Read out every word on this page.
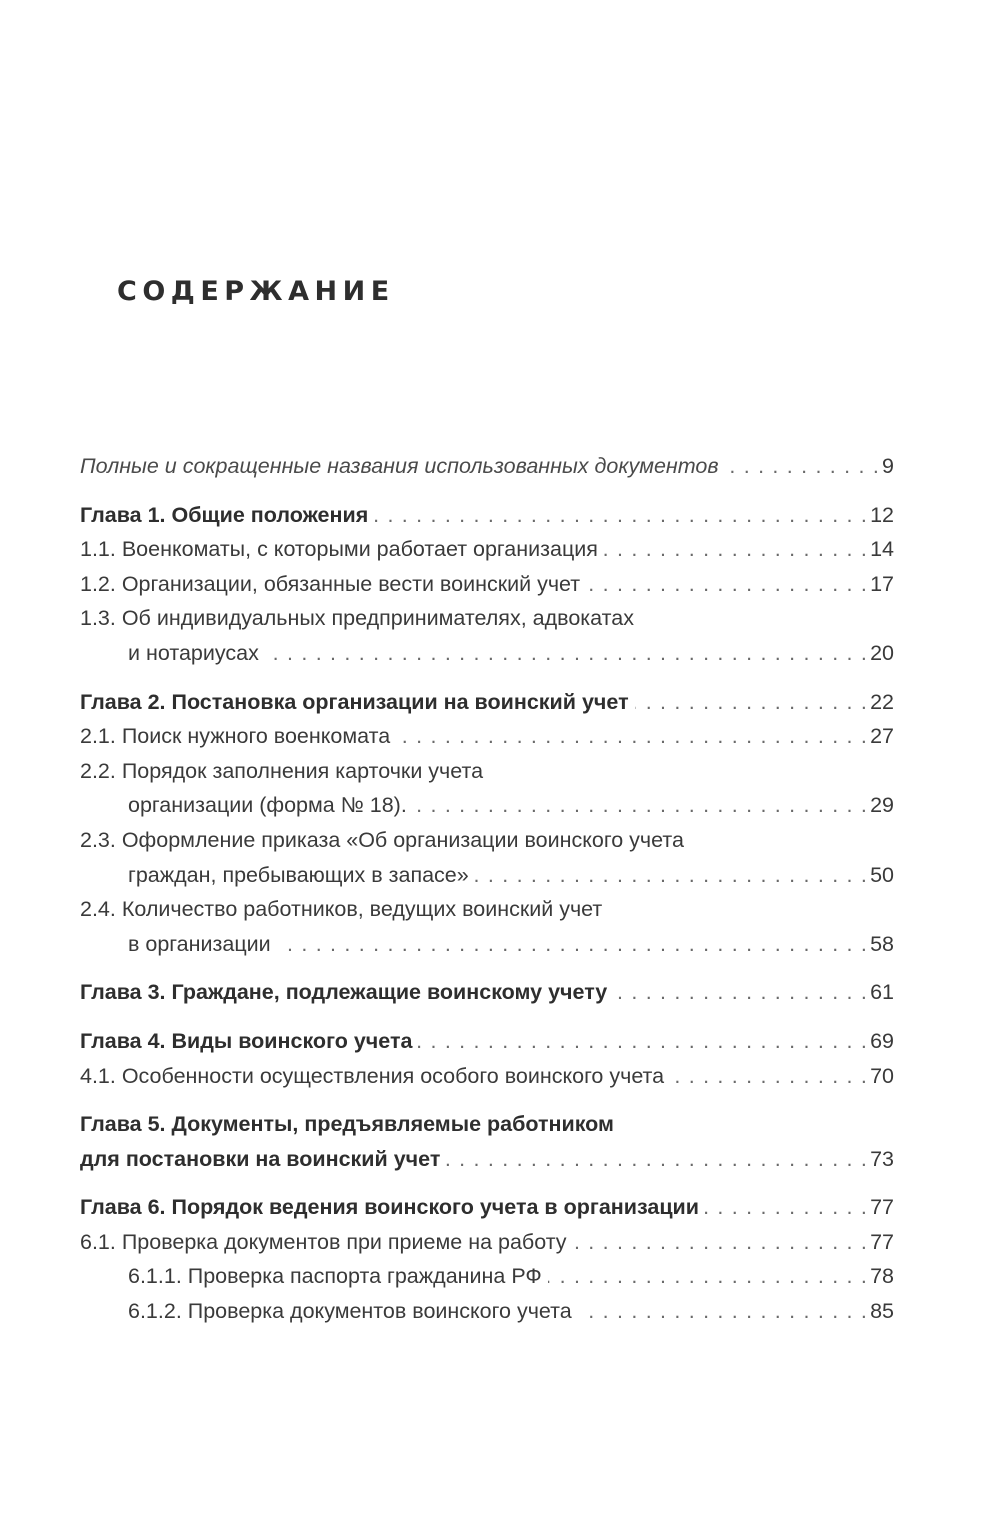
СОДЕРЖАНИЕ
Полные и сокращенные названия использованных документов . . .	9
Глава 1. Общие положения . . .	12
1.1. Военкоматы, с которыми работает организация . . .	14
1.2. Организации, обязанные вести воинский учет . . .	17
1.3. Об индивидуальных предпринимателях, адвокатах
и нотариусах . . .	20
Глава 2. Постановка организации на воинский учет . . .	22
2.1. Поиск нужного военкомата . . .	27
2.2. Порядок заполнения карточки учета
организации (форма № 18). . . .	29
2.3. Оформление приказа «Об организации воинского учета
граждан, пребывающих в запасе» . . .	50
2.4. Количество работников, ведущих воинский учет
в организации . . .	58
Глава 3. Граждане, подлежащие воинскому учету . . .	61
Глава 4. Виды воинского учета . . .	69
4.1. Особенности осуществления особого воинского учета . . .	70
Глава 5. Документы, предъявляемые работником
для постановки на воинский учет . . .	73
Глава 6. Порядок ведения воинского учета в организации . . .	77
6.1. Проверка документов при приеме на работу . . .	77
6.1.1. Проверка паспорта гражданина РФ . . .	78
6.1.2. Проверка документов воинского учета . . .	85
